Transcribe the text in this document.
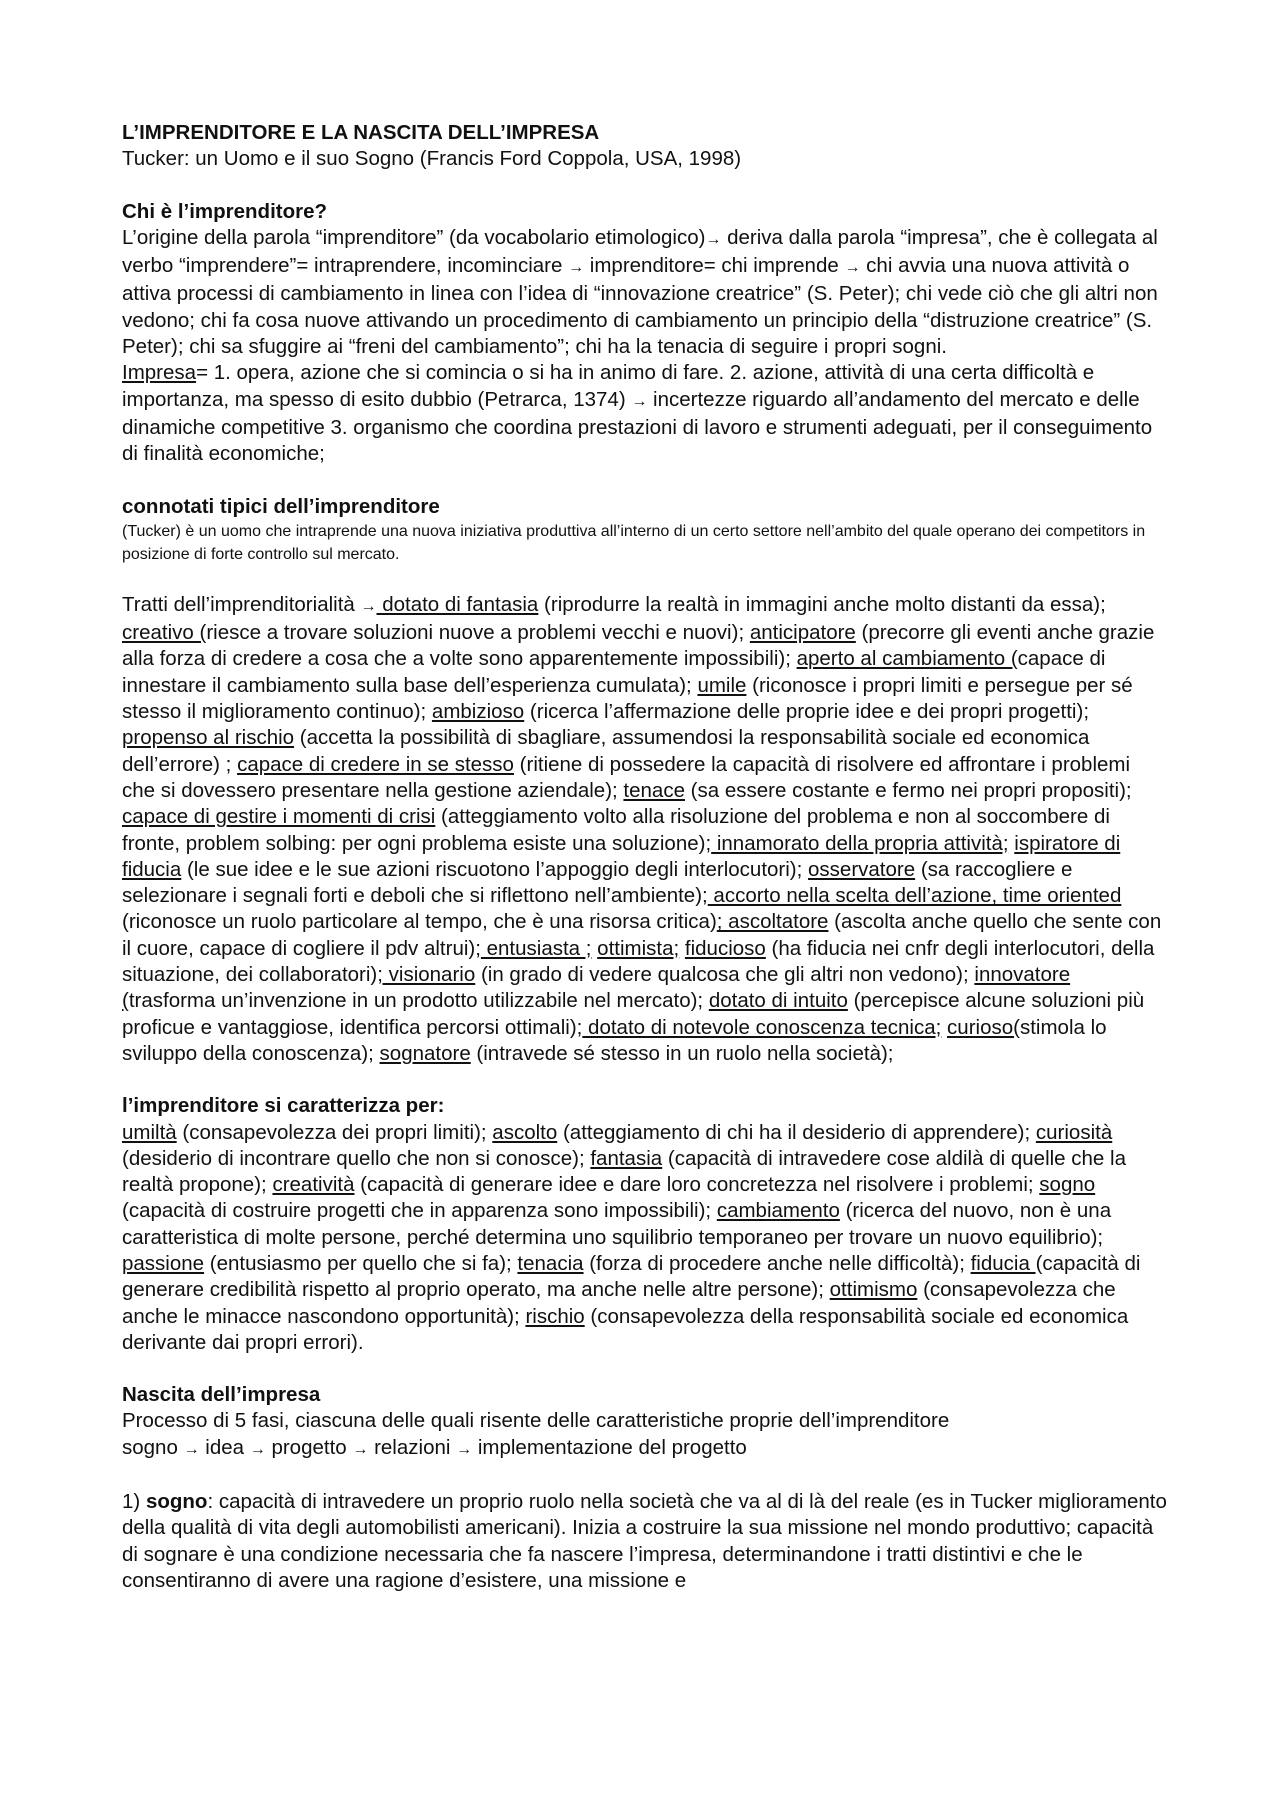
L’IMPRENDITORE E LA NASCITA DELL’IMPRESA

Tucker: un Uomo e il suo Sogno (Francis Ford Coppola, USA, 1998)

Chi è l’imprenditore?

L’origine della parola “imprenditore” (da vocabolario etimologico)→ deriva dalla parola “impresa”, che è collegata al verbo “imprendere”= intraprendere, incominciare → imprenditore= chi imprende → chi avvia una nuova attività o attiva processi di cambiamento in linea con l’idea di “innovazione creatrice” (S. Peter); chi vede ciò che gli altri non vedono; chi fa cosa nuove attivando un procedimento di cambiamento un principio della “distruzione creatrice” (S. Peter); chi sa sfuggire ai “freni del cambiamento”; chi ha la tenacia di seguire i propri sogni.

Impresa= 1. opera, azione che si comincia o si ha in animo di fare. 2. azione, attività di una certa difficoltà e importanza, ma spesso di esito dubbio (Petrarca, 1374) → incertezze riguardo all’andamento del mercato e delle dinamiche competitive 3. organismo che coordina prestazioni di lavoro e strumenti adeguati, per il conseguimento di finalità economiche;

connotati tipici dell’imprenditore

(Tucker) è un uomo che intraprende una nuova iniziativa produttiva all’interno di un certo settore nell’ambito del quale operano dei competitors in posizione di forte controllo sul mercato.

Tratti dell’imprenditorialità → dotato di fantasia (riprodurre la realtà in immagini anche molto distanti da essa); creativo (riesce a trovare soluzioni nuove a problemi vecchi e nuovi); anticipatore (precorre gli eventi anche grazie alla forza di credere a cosa che a volte sono apparentemente impossibili); aperto al cambiamento (capace di innestare il cambiamento sulla base dell’esperienza cumulata); umile (riconosce i propri limiti e persegue per sé stesso il miglioramento continuo); ambizioso (ricerca l’affermazione delle proprie idee e dei propri progetti); propenso al rischio (accetta la possibilità di sbagliare, assumendosi la responsabilità sociale ed economica dell’errore) ; capace di credere in se stesso (ritiene di possedere la capacità di risolvere ed affrontare i problemi che si dovessero presentare nella gestione aziendale); tenace (sa essere costante e fermo nei propri propositi); capace di gestire i momenti di crisi (atteggiamento volto alla risoluzione del problema e non al soccombere di fronte, problem solbing: per ogni problema esiste una soluzione); innamorato della propria attività; ispiratore di fiducia (le sue idee e le sue azioni riscuotono l’appoggio degli interlocutori); osservatore (sa raccogliere e selezionare i segnali forti e deboli che si riflettono nell’ambiente); accorto nella scelta dell’azione, time oriented (riconosce un ruolo particolare al tempo, che è una risorsa critica); ascoltatore (ascolta anche quello che sente con il cuore, capace di cogliere il pdv altrui); entusiasta ; ottimista; fiducioso (ha fiducia nei cnfr degli interlocutori, della situazione, dei collaboratori); visionario (in grado di vedere qualcosa che gli altri non vedono); innovatore (trasforma un’invenzione in un prodotto utilizzabile nel mercato); dotato di intuito (percepisce alcune soluzioni più proficue e vantaggiose, identifica percorsi ottimali); dotato di notevole conoscenza tecnica; curioso(stimola lo sviluppo della conoscenza); sognatore (intravede sé stesso in un ruolo nella società);

l’imprenditore si caratterizza per:

umiltà (consapevolezza dei propri limiti); ascolto (atteggiamento di chi ha il desiderio di apprendere); curiosità (desiderio di incontrare quello che non si conosce); fantasia (capacità di intravedere cose aldilà di quelle che la realtà propone); creatività (capacità di generare idee e dare loro concretezza nel risolvere i problemi; sogno (capacità di costruire progetti che in apparenza sono impossibili); cambiamento (ricerca del nuovo, non è una caratteristica di molte persone, perché determina uno squilibrio temporaneo per trovare un nuovo equilibrio); passione (entusiasmo per quello che si fa); tenacia (forza di procedere anche nelle difficoltà); fiducia (capacità di generare credibilità rispetto al proprio operato, ma anche nelle altre persone); ottimismo (consapevolezza che anche le minacce nascondono opportunità); rischio (consapevolezza della responsabilità sociale ed economica derivante dai propri errori).

Nascita dell’impresa

Processo di 5 fasi, ciascuna delle quali risente delle caratteristiche proprie dell’imprenditore

sogno → idea → progetto → relazioni → implementazione del progetto

1) sogno: capacità di intravedere un proprio ruolo nella società che va al di là del reale (es in Tucker miglioramento della qualità di vita degli automobilisti americani). Inizia a costruire la sua missione nel mondo produttivo; capacità di sognare è una condizione necessaria che fa nascere l’impresa, determinandone i tratti distintivi e che le consentiranno di avere una ragione d’esistere, una missione e
